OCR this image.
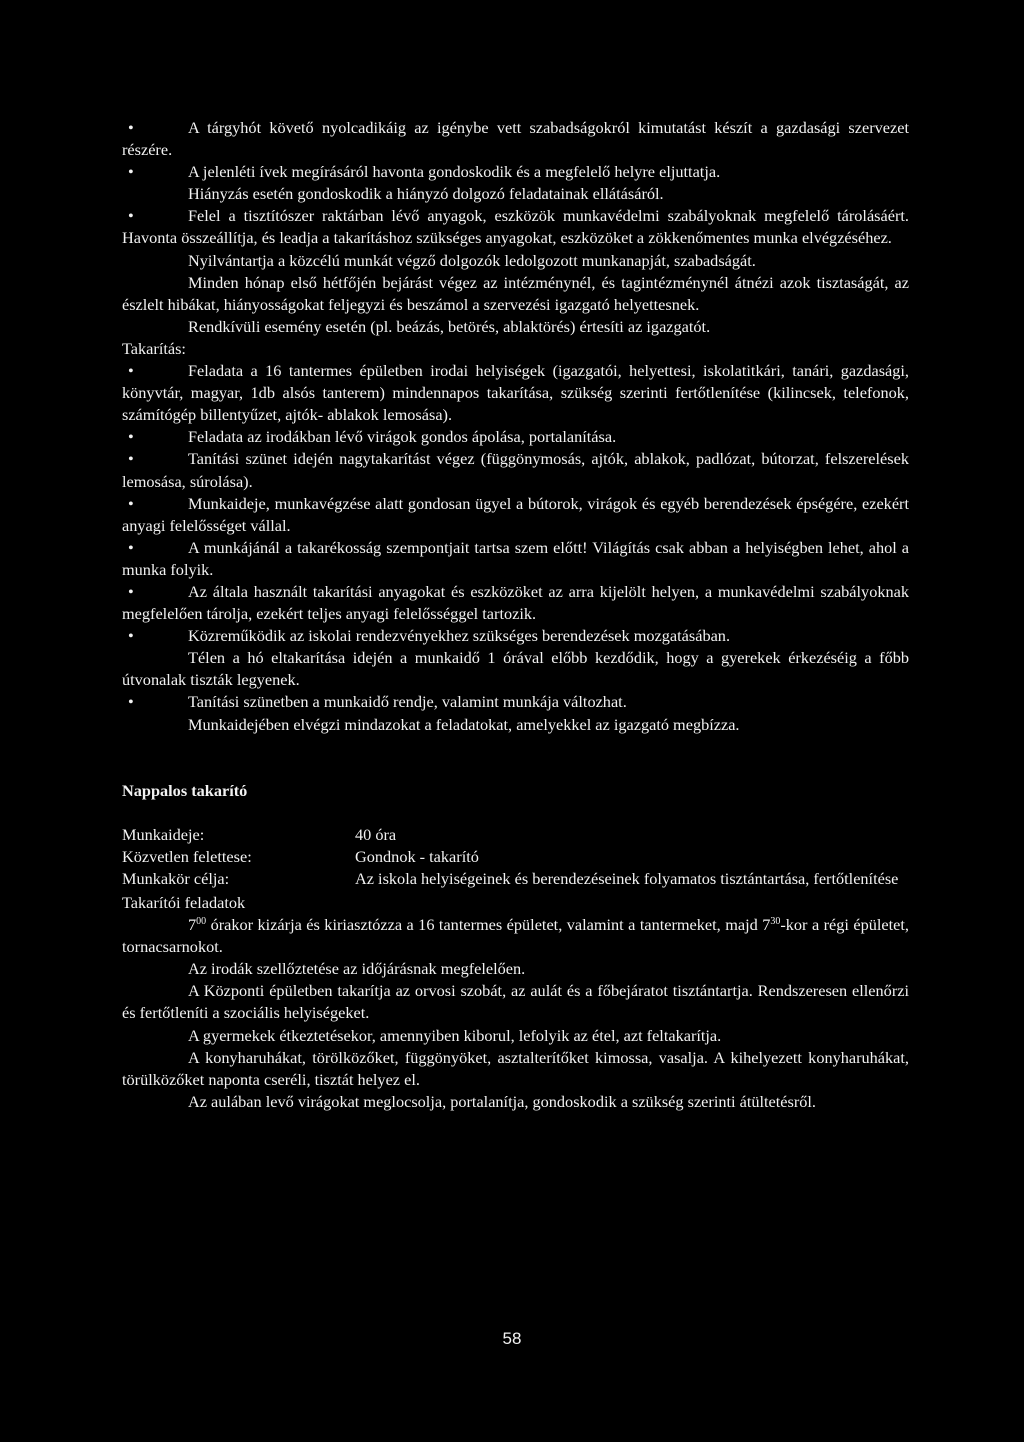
•	A tárgyhót követő nyolcadikáig az igénybe vett szabadságokról kimutatást készít a gazdasági szervezet részére.

•	A jelenléti ívek megírásáról havonta gondoskodik és a megfelelő helyre eljuttatja.

Hiányzás esetén gondoskodik a hiányzó dolgozó feladatainak ellátásáról.

•	Felel a tisztítószer raktárban lévő anyagok, eszközök munkavédelmi szabályoknak megfelelő tárolásáért. Havonta összeállítja, és leadja a takarításhoz szükséges anyagokat, eszközöket a zökkenőmentes munka elvégzéséhez.

Nyilvántartja a közcélú munkát végző dolgozók ledolgozott munkanapját, szabadságát.

Minden hónap első hétfőjén bejárást végez az intézménynél, és tagintézménynél átnézi azok tisztaságát, az észlelt hibákat, hiányosságokat feljegyzi és beszámol a szervezési igazgató helyettesnek.

Rendkívüli esemény esetén (pl. beázás, betörés, ablaktörés) értesíti az igazgatót.

Takarítás:

•	Feladata a 16 tantermes épületben irodai helyiségek (igazgatói, helyettesi, iskolatitkári, tanári, gazdasági, könyvtár, magyar, 1db alsós tanterem) mindennapos takarítása, szükség szerinti fertőtlenítése (kilincsek, telefonok, számítógép billentyűzet, ajtók- ablakok lemosása).

•	Feladata az irodákban lévő virágok gondos ápolása, portalanítása.

•	Tanítási szünet idején nagytakarítást végez (függönymosás, ajtók, ablakok, padlózat, bútorzat, felszerelések lemosása, súrolása).

•	Munkaideje, munkavégzése alatt gondosan ügyel a bútorok, virágok és egyéb berendezések épségére, ezekért anyagi felelősséget vállal.

•	A munkájánál a takarékosság szempontjait tartsa szem előtt! Világítás csak abban a helyiségben lehet, ahol a munka folyik.

•	Az általa használt takarítási anyagokat és eszközöket az arra kijelölt helyen, a munkavédelmi szabályoknak megfelelően tárolja, ezekért teljes anyagi felelősséggel tartozik.

•	Közreműködik az iskolai rendezvényekhez szükséges berendezések mozgatásában.

Télen a hó eltakarítása idején a munkaidő 1 órával előbb kezdődik, hogy a gyerekek érkezéséig a főbb útvonalak tiszták legyenek.

•	Tanítási szünetben a munkaidő rendje, valamint munkája változhat.

Munkaidejében elvégzi mindazokat a feladatokat, amelyekkel az igazgató megbízza.

Nappalos takarító

Munkaideje:	40 óra
Közvetlen felettese:	Gondnok - takarító
Munkakör célja:	Az iskola helyiségeinek és berendezéseinek folyamatos tisztántartása, fertőtlenítése

Takarítói feladatok

$7^{00}$ órakor kizárja és kiriasztózza a 16 tantermes épületet, valamint a tantermeket, majd $7^{30}$-kor a régi épületet, tornacsarnokot.

Az irodák szellőztetése az időjárásnak megfelelően.

A Központi épületben takarítja az orvosi szobát, az aulát és a főbejáratot tisztántartja. Rendszeresen ellenőrzi és fertőtleníti a szociális helyiségeket.

A gyermekek étkeztetésekor, amennyiben kiborul, lefolyik az étel, azt feltakarítja.

A konyharuhákat, törölközőket, függönyöket, asztalterítőket kimossa, vasalja. A kihelyezett konyharuhákat, törülközőket naponta cseréli, tisztát helyez el.

Az aulában levő virágokat meglocsolja, portalanítja, gondoskodik a szükség szerinti átültetésről.

58
